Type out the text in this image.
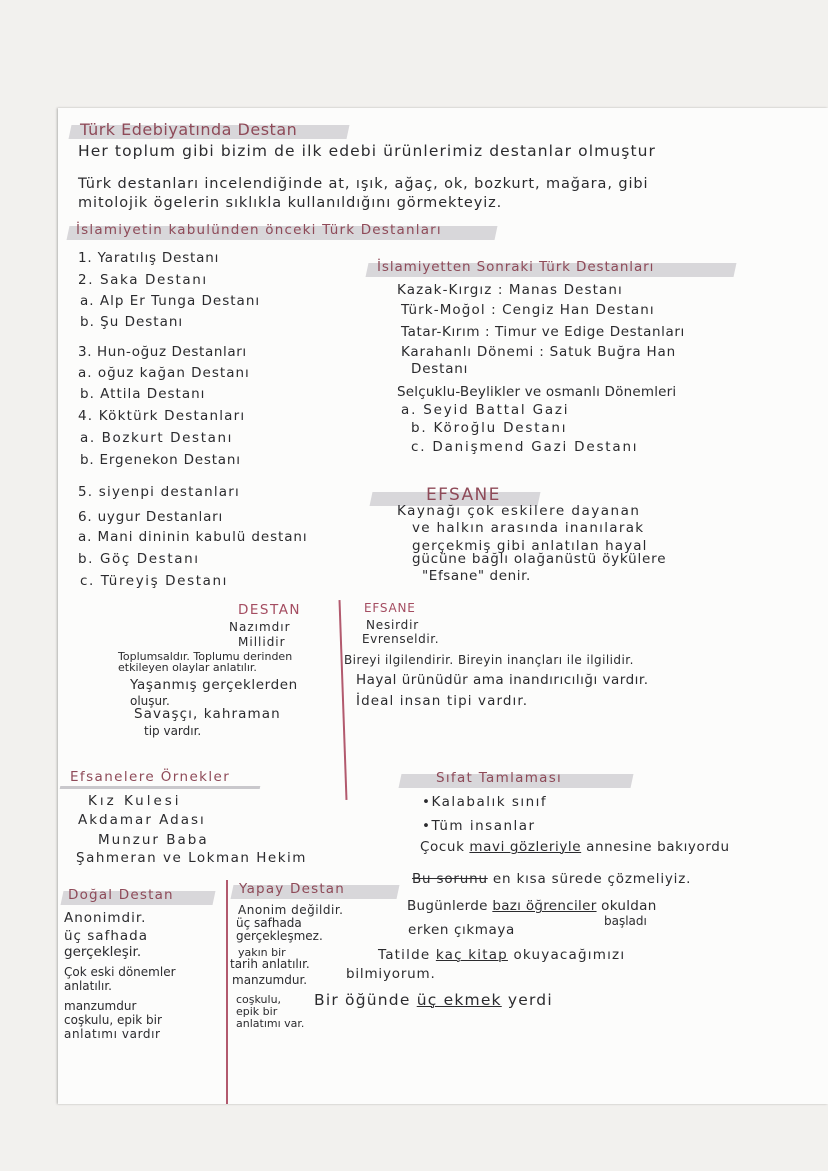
Türk Edebiyatında Destan
Her toplum gibi bizim de ilk edebi ürünlerimiz destanlar olmuştur
Türk destanları incelendiğinde at, ışık, ağaç, ok, bozkurt, mağara, gibi
mitolojik ögelerin sıklıkla kullanıldığını görmekteyiz.
İslamiyetin kabulünden önceki Türk Destanları
1. Yaratılış Destanı
2. Saka Destanı
a. Alp Er Tunga Destanı
b. Şu Destanı
3. Hun-oğuz Destanları
a. oğuz kağan Destanı
b. Attila Destanı
4. Köktürk Destanları
a. Bozkurt Destanı
b. Ergenekon Destanı
5. siyenpi destanları
6. uygur Destanları
a. Mani dininin kabulü destanı
b. Göç Destanı
c. Türeyiş Destanı
İslamiyetten Sonraki Türk Destanları
Kazak-Kırgız : Manas Destanı
Türk-Moğol : Cengiz Han Destanı
Tatar-Kırım : Timur ve Edige Destanları
Karahanlı Dönemi : Satuk Buğra Han
Destanı
Selçuklu-Beylikler ve osmanlı Dönemleri
a. Seyid Battal Gazi
b. Köroğlu Destanı
c. Danişmend Gazi Destanı
EFSANE
Kaynağı çok eskilere dayanan
ve halkın arasında inanılarak
gerçekmiş gibi anlatılan hayal
gücüne bağlı olağanüstü öykülere
"Efsane" denir.
DESTAN	EFSANE
Nazımdır
Millidir
Toplumsaldır. Toplumu derinden
etkileyen olaylar anlatılır.
Yaşanmış gerçeklerden
oluşur.
Savaşçı, kahraman
tip vardır.
Nesirdir
Evrenseldir.
Bireyi ilgilendirir. Bireyin inançları ile ilgilidir.
Hayal ürünüdür ama inandırıcılığı vardır.
İdeal insan tipi vardır.
Efsanelere Örnekler
Kız Kulesi
Akdamar Adası
Munzur Baba
Şahmeran ve Lokman Hekim
Sıfat Tamlaması
•Kalabalık sınıf
•Tüm insanlar
Çocuk mavi gözleriyle annesine bakıyordu
Bu sorunu en kısa sürede çözmeliyiz.
Bugünlerde bazı öğrenciler okuldan
başladı
erken çıkmaya
Tatilde kaç kitap okuyacağımızı
bilmiyorum.
Bir öğünde üç ekmek yerdi
Doğal Destan
Anonimdir.
üç safhada
gerçekleşir.
Çok eski dönemler
anlatılır.
manzumdur
coşkulu, epik bir
anlatımı vardır
Yapay Destan
Anonim değildir.
üç safhada
gerçekleşmez.
yakın bir
tarih anlatılır.
manzumdur.
coşkulu,
epik bir
anlatımı var.
